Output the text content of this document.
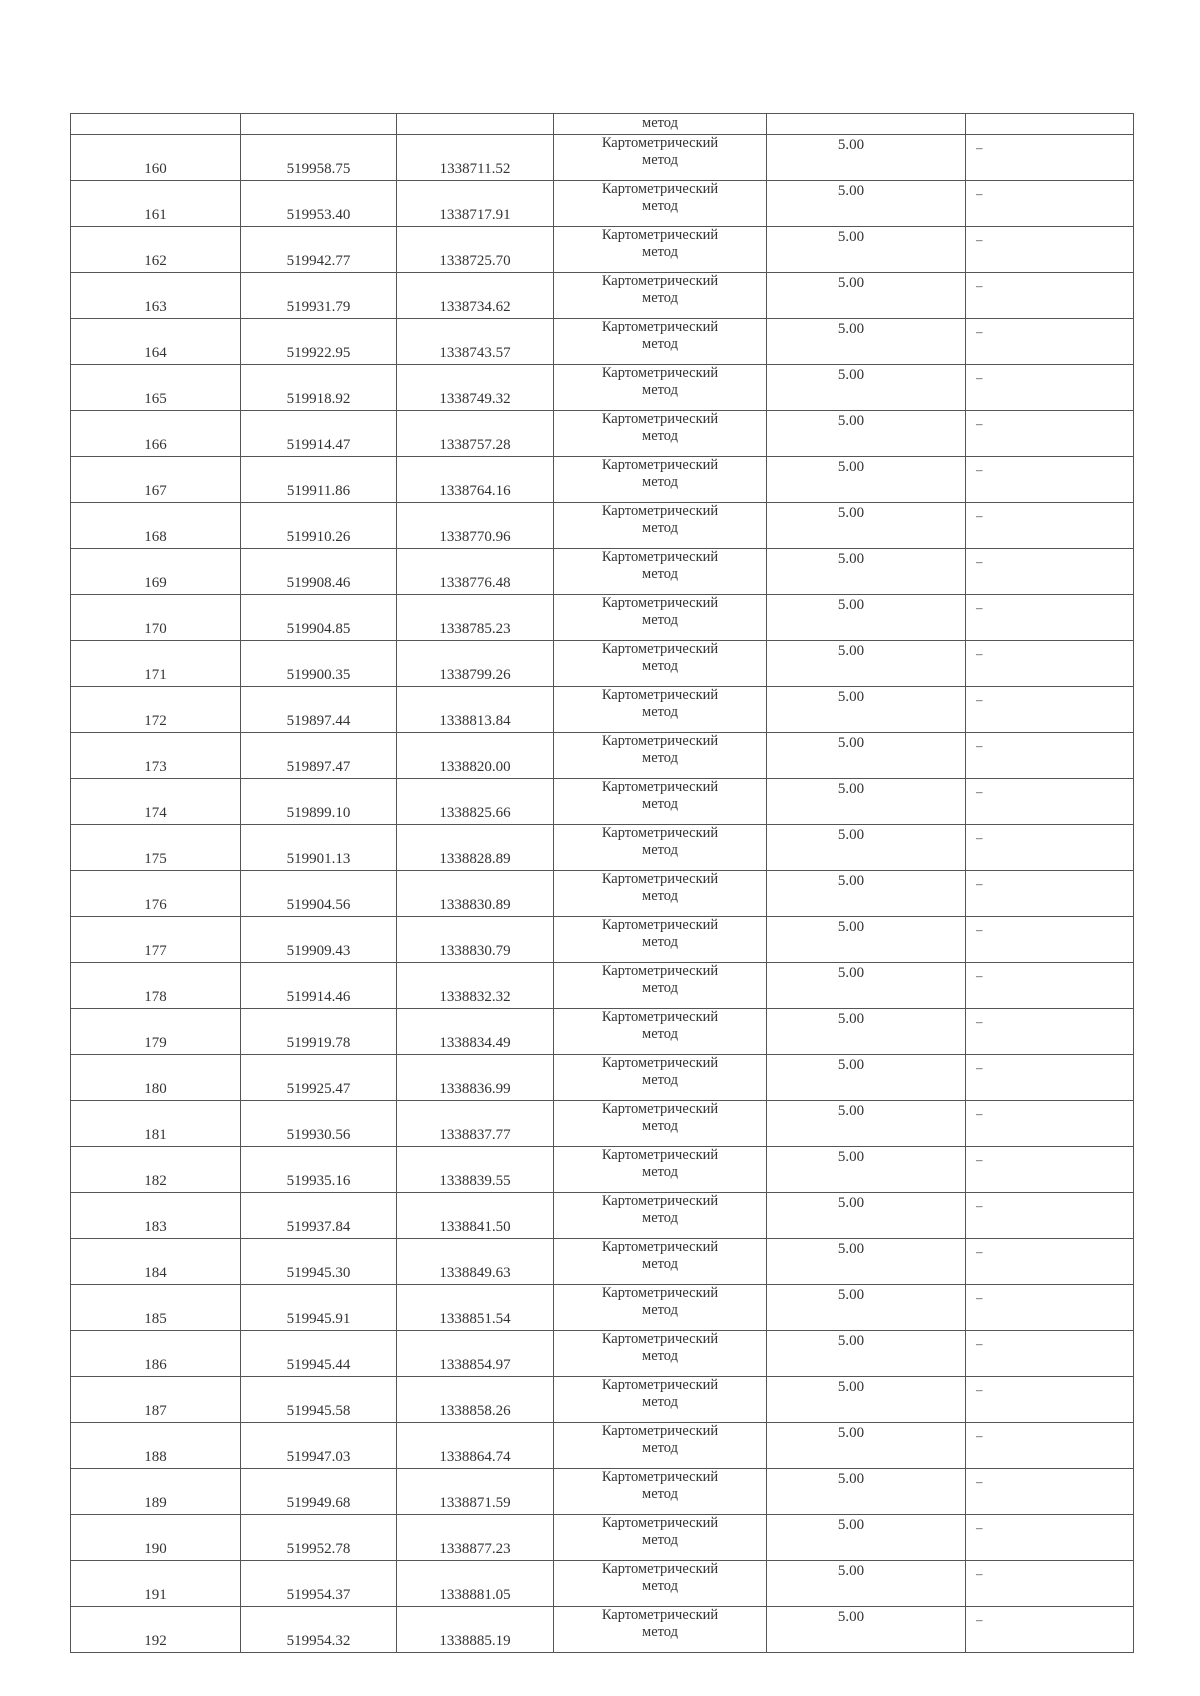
			метод		
160	519958.75	1338711.52	Картометрический
метод	5.00	–
161	519953.40	1338717.91	Картометрический
метод	5.00	–
162	519942.77	1338725.70	Картометрический
метод	5.00	–
163	519931.79	1338734.62	Картометрический
метод	5.00	–
164	519922.95	1338743.57	Картометрический
метод	5.00	–
165	519918.92	1338749.32	Картометрический
метод	5.00	–
166	519914.47	1338757.28	Картометрический
метод	5.00	–
167	519911.86	1338764.16	Картометрический
метод	5.00	–
168	519910.26	1338770.96	Картометрический
метод	5.00	–
169	519908.46	1338776.48	Картометрический
метод	5.00	–
170	519904.85	1338785.23	Картометрический
метод	5.00	–
171	519900.35	1338799.26	Картометрический
метод	5.00	–
172	519897.44	1338813.84	Картометрический
метод	5.00	–
173	519897.47	1338820.00	Картометрический
метод	5.00	–
174	519899.10	1338825.66	Картометрический
метод	5.00	–
175	519901.13	1338828.89	Картометрический
метод	5.00	–
176	519904.56	1338830.89	Картометрический
метод	5.00	–
177	519909.43	1338830.79	Картометрический
метод	5.00	–
178	519914.46	1338832.32	Картометрический
метод	5.00	–
179	519919.78	1338834.49	Картометрический
метод	5.00	–
180	519925.47	1338836.99	Картометрический
метод	5.00	–
181	519930.56	1338837.77	Картометрический
метод	5.00	–
182	519935.16	1338839.55	Картометрический
метод	5.00	–
183	519937.84	1338841.50	Картометрический
метод	5.00	–
184	519945.30	1338849.63	Картометрический
метод	5.00	–
185	519945.91	1338851.54	Картометрический
метод	5.00	–
186	519945.44	1338854.97	Картометрический
метод	5.00	–
187	519945.58	1338858.26	Картометрический
метод	5.00	–
188	519947.03	1338864.74	Картометрический
метод	5.00	–
189	519949.68	1338871.59	Картометрический
метод	5.00	–
190	519952.78	1338877.23	Картометрический
метод	5.00	–
191	519954.37	1338881.05	Картометрический
метод	5.00	–
192	519954.32	1338885.19	Картометрический
метод	5.00	–
